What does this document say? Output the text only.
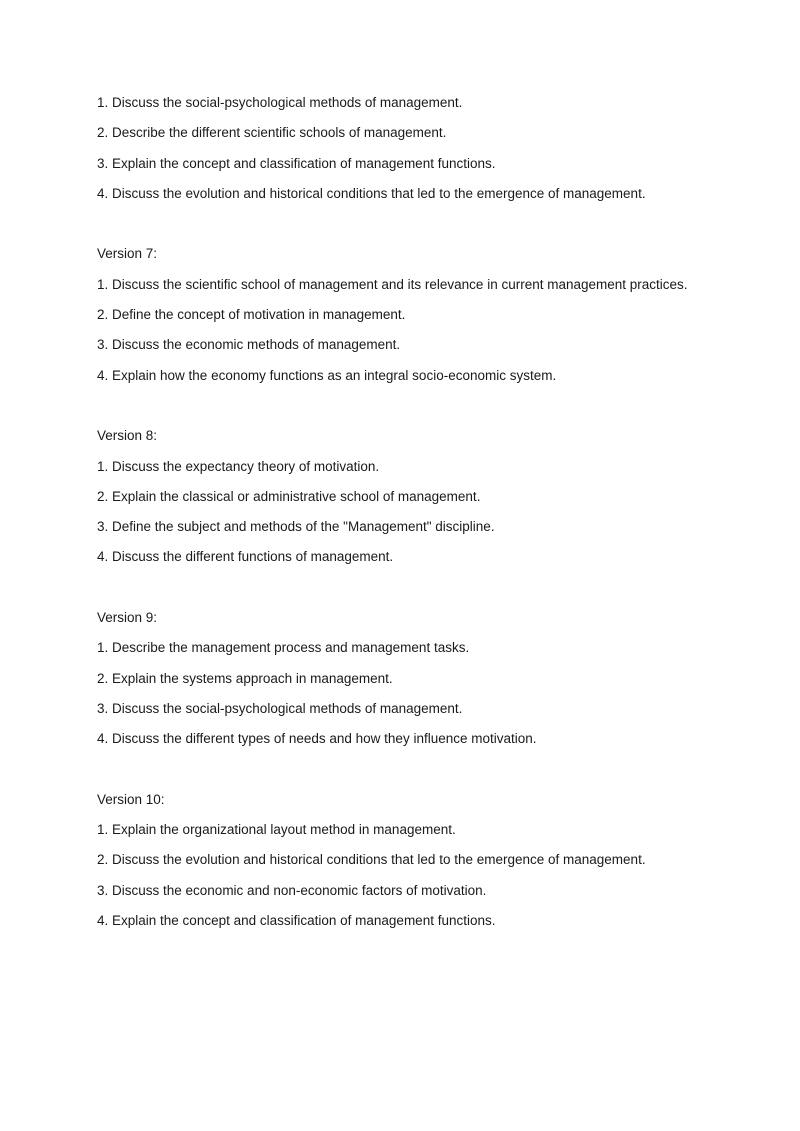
1. Discuss the social-psychological methods of management.
2. Describe the different scientific schools of management.
3. Explain the concept and classification of management functions.
4. Discuss the evolution and historical conditions that led to the emergence of management.
Version 7:
1. Discuss the scientific school of management and its relevance in current management practices.
2. Define the concept of motivation in management.
3. Discuss the economic methods of management.
4. Explain how the economy functions as an integral socio-economic system.
Version 8:
1. Discuss the expectancy theory of motivation.
2. Explain the classical or administrative school of management.
3. Define the subject and methods of the "Management" discipline.
4. Discuss the different functions of management.
Version 9:
1. Describe the management process and management tasks.
2. Explain the systems approach in management.
3. Discuss the social-psychological methods of management.
4. Discuss the different types of needs and how they influence motivation.
Version 10:
1. Explain the organizational layout method in management.
2. Discuss the evolution and historical conditions that led to the emergence of management.
3. Discuss the economic and non-economic factors of motivation.
4. Explain the concept and classification of management functions.
